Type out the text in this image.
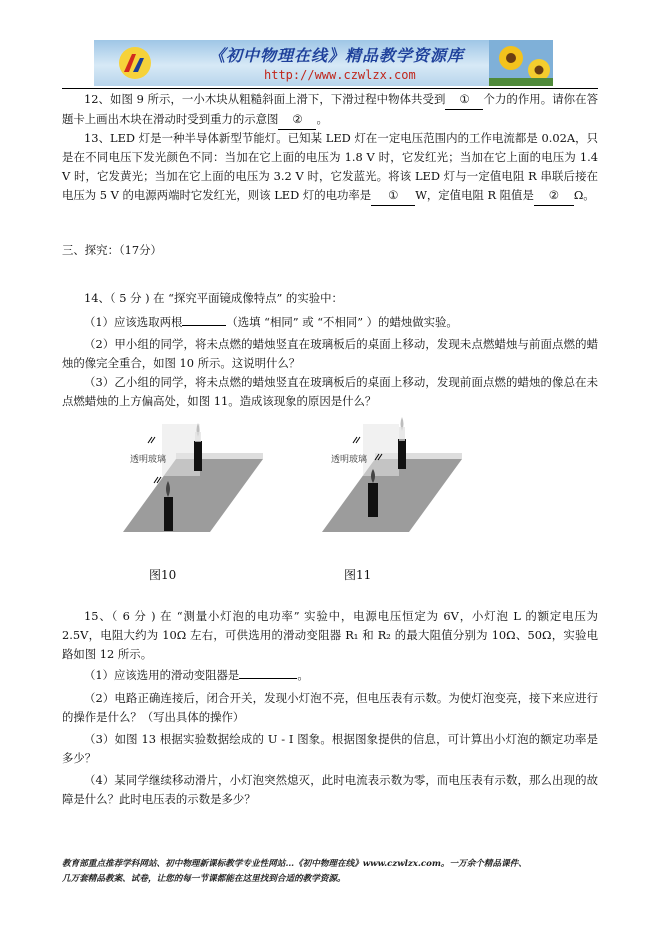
《初中物理在线》精品教学资源库
http://www.czwlzx.com
12、如图 9 所示，一小木块从粗糙斜面上滑下，下滑过程中物体共受到 ① 个力的作用。请你在答题卡上画出木块在滑动时受到重力的示意图 ② 。
13、LED 灯是一种半导体新型节能灯。已知某 LED 灯在一定电压范围内的工作电流都是 0.02A，只是在不同电压下发光颜色不同：当加在它上面的电压为 1.8 V 时，它发红光；当加在它上面的电压为 1.4 V 时，它发黄光；当加在它上面的电压为 3.2 V 时，它发蓝光。将该 LED 灯与一定值电阻 R 串联后接在电压为 5 V 的电源两端时它发红光，则该 LED 灯的电功率是 ① W，定值电阻 R 阻值是 ② Ω。
三、探究：（17分）
14、（ 5 分 ) 在 “探究平面镜成像特点” 的实验中：
（1）应该选取两根	（选填 “相同” 或 “不相同” ）的蜡烛做实验。
（2）甲小组的同学，将未点燃的蜡烛竖直在玻璃板后的桌面上移动，发现未点燃蜡烛与前面点燃的蜡烛的像完全重合，如图 10 所示。这说明什么？
（3）乙小组的同学，将未点燃的蜡烛竖直在玻璃板后的桌面上移动，发现前面点燃的蜡烛的像总在未点燃蜡烛的上方偏高处，如图 11。造成该现象的原因是什么？
透明玻璃
图10
透明玻璃
图11
15、（ 6 分 ) 在 “测量小灯泡的电功率” 实验中，电源电压恒定为 6V，小灯泡 L 的额定电压为 2.5V，电阻大约为 10Ω 左右，可供选用的滑动变阻器 R₁ 和 R₂ 的最大阻值分别为 10Ω、50Ω，实验电路如图 12 所示。
（1）应该选用的滑动变阻器是	。
（2）电路正确连接后，闭合开关，发现小灯泡不亮，但电压表有示数。为使灯泡变亮，接下来应进行的操作是什么？（写出具体的操作）
（3）如图 13 根据实验数据绘成的 U - I 图象。根据图象提供的信息，可计算出小灯泡的额定功率是多少？
（4）某同学继续移动滑片，小灯泡突然熄灭，此时电流表示数为零，而电压表有示数，那么出现的故障是什么？此时电压表的示数是多少？
教育部重点推荐学科网站、初中物理新课标教学专业性网站…《初中物理在线》www.czwlzx.com。一万余个精品课件、
几万套精品教案、试卷，让您的每一节课都能在这里找到合适的教学资源。
